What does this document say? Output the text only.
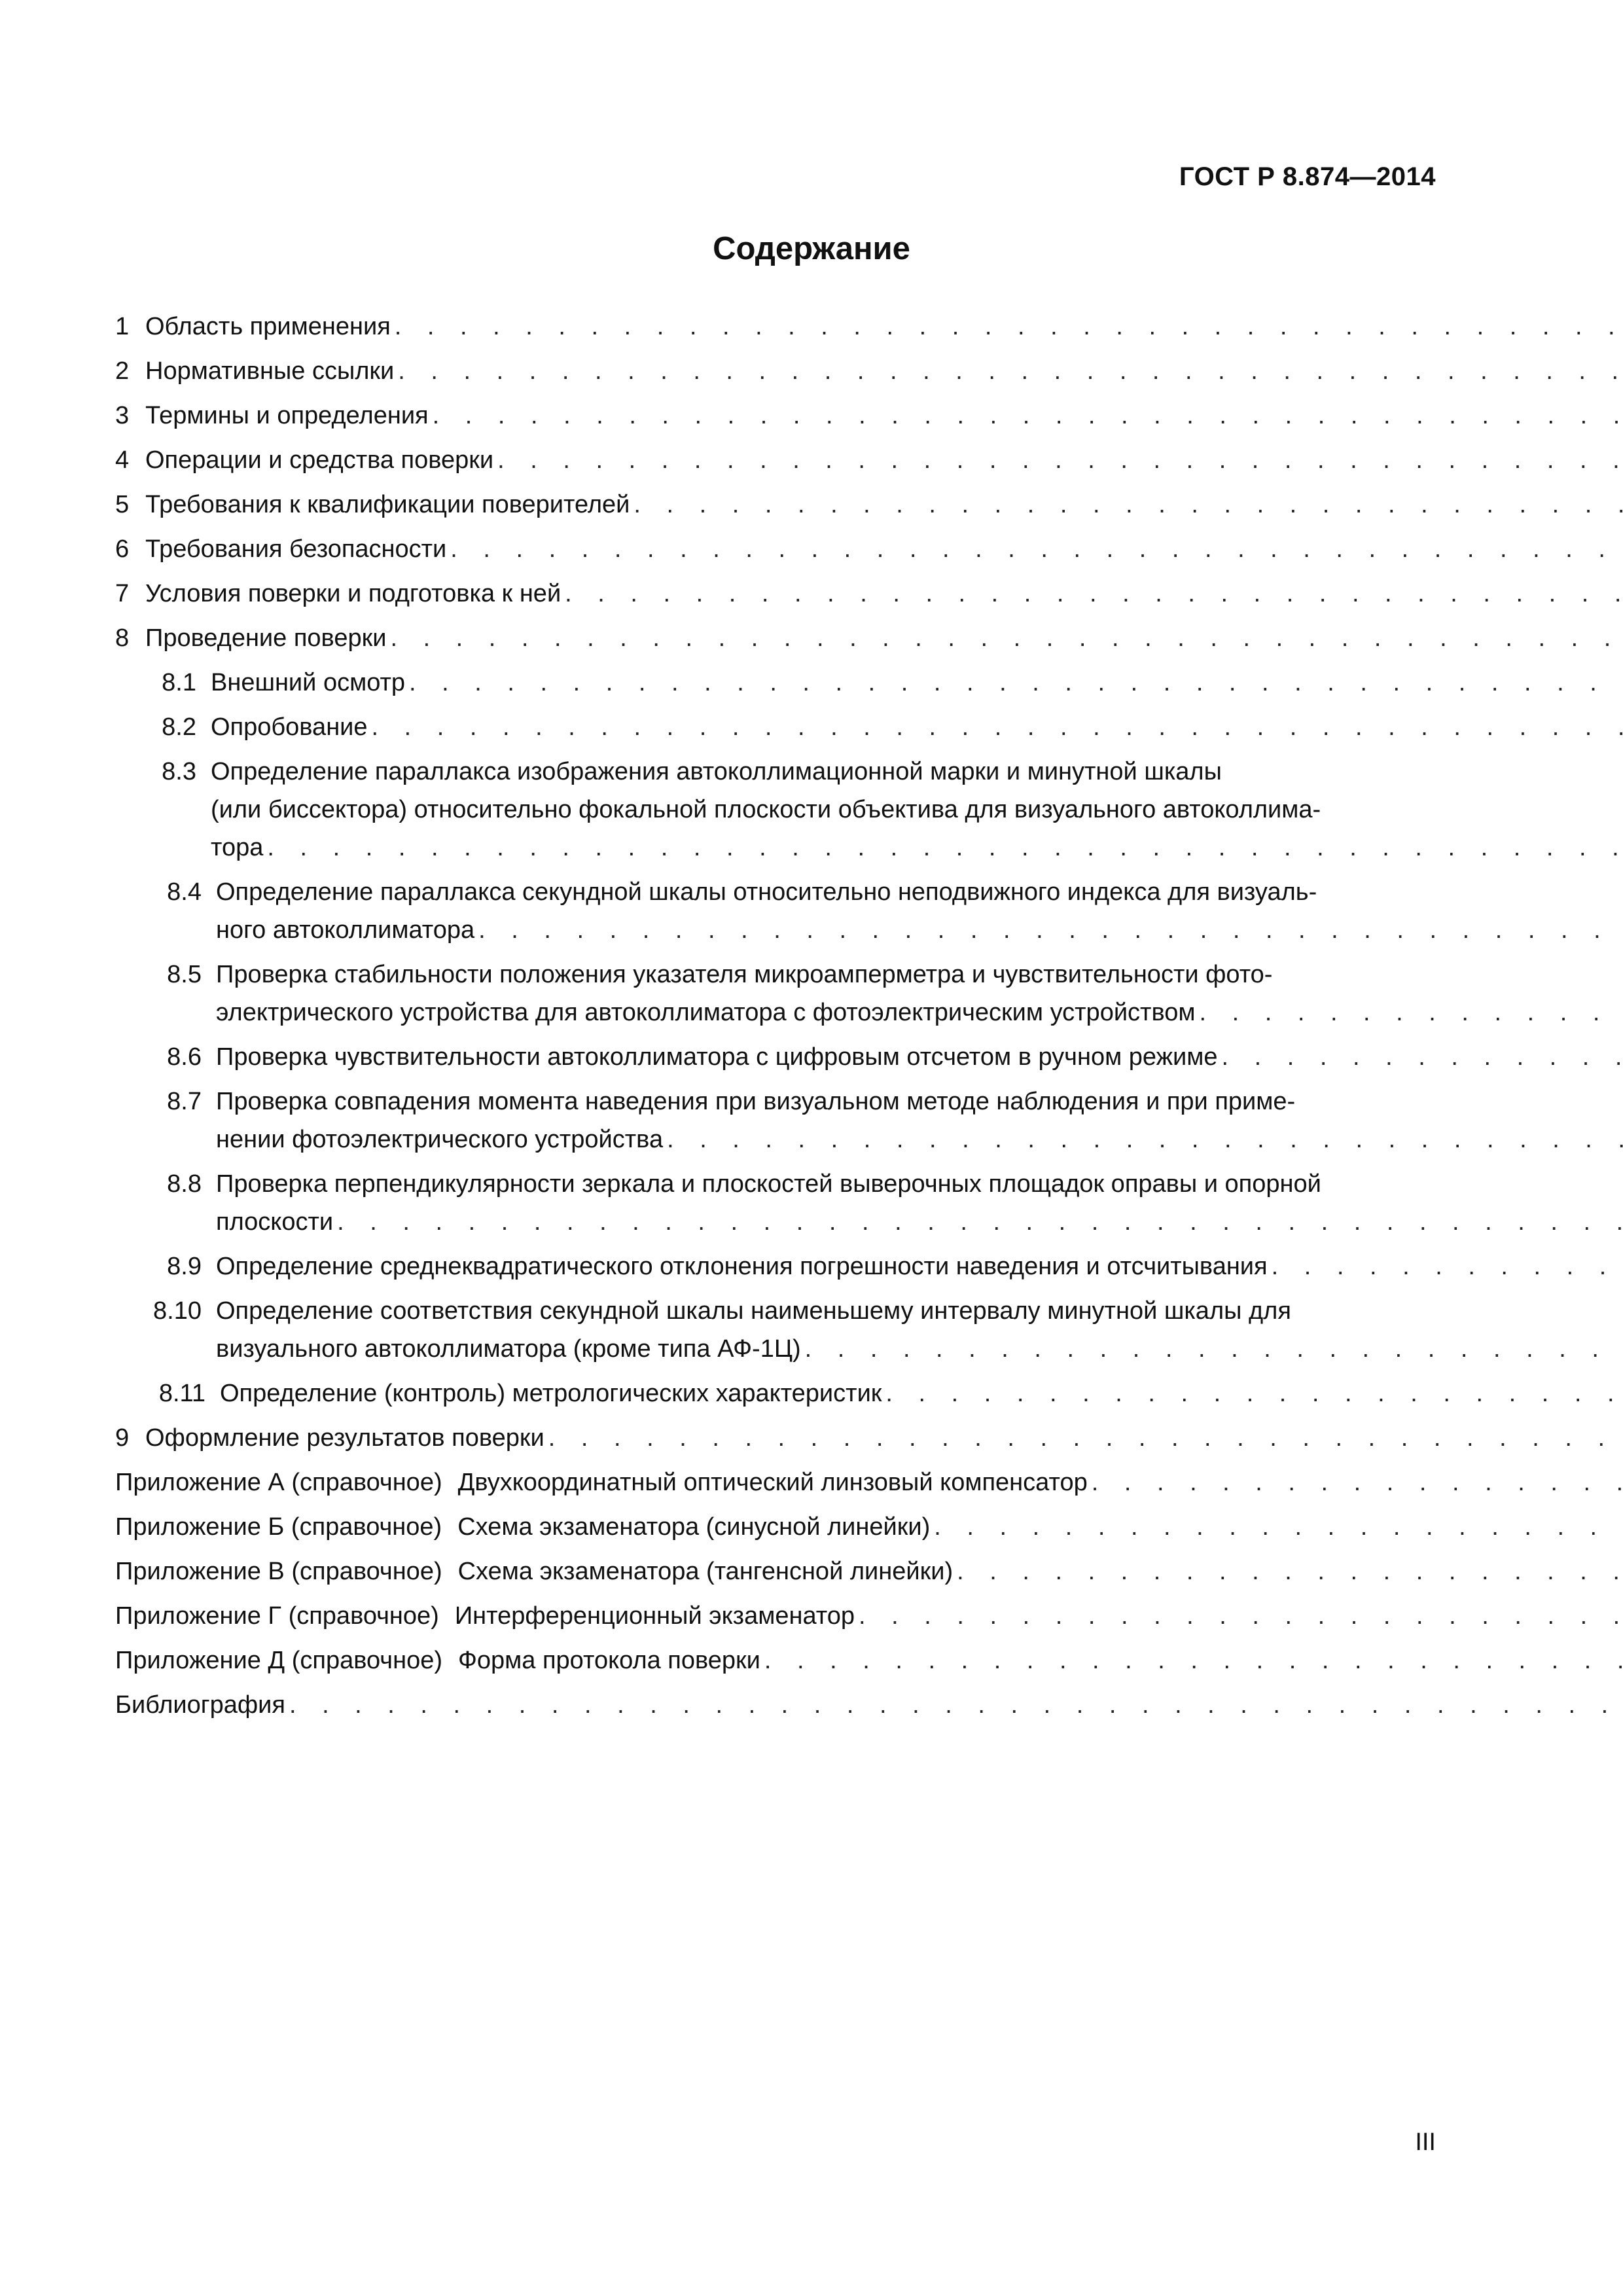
ГОСТ Р 8.874—2014
Содержание
1 Область применения
. . .
2 Нормативные ссылки
. . .
3 Термины и определения
. . .
4 Операции и средства поверки
. . .
5 Требования к квалификации поверителей
. . .
6 Требования безопасности
. . .
7 Условия поверки и подготовка к ней
. . .
8 Проведение поверки
. . .
8.1 Внешний осмотр
. . .
8.2 Опробование
. . .
8.3 Определение параллакса изображения автоколлимационной марки и минутной шкалы
(или биссектора) относительно фокальной плоскости объектива для визуального автоколлима-
тора
. . .
8.4 Определение параллакса секундной шкалы относительно неподвижного индекса для визуаль-
ного автоколлиматора
. . .
8.5 Проверка стабильности положения указателя микроамперметра и чувствительности фото-
электрического устройства для автоколлиматора с фотоэлектрическим устройством
. . .
8.6 Проверка чувствительности автоколлиматора с цифровым отсчетом в ручном режиме
. . .
8.7 Проверка совпадения момента наведения при визуальном методе наблюдения и при приме-
нении фотоэлектрического устройства
. . .
8.8 Проверка перпендикулярности зеркала и плоскостей выверочных площадок оправы и опорной
плоскости
. . .
8.9 Определение среднеквадратического отклонения погрешности наведения и отсчитывания
. . .
8.10 Определение соответствия секундной шкалы наименьшему интервалу минутной шкалы для
визуального автоколлиматора (кроме типа АФ-1Ц)
. . .
8.11 Определение (контроль) метрологических характеристик
. . .
9 Оформление результатов поверки
. . .
Приложение А (справочное) Двухкоординатный оптический линзовый компенсатор
. . .
Приложение Б (справочное) Схема экзаменатора (синусной линейки)
. . .
Приложение В (справочное) Схема экзаменатора (тангенсной линейки)
. . .
Приложение Г (справочное) Интерференционный экзаменатор
. . .
Приложение Д (справочное) Форма протокола поверки
. . .
Библиография
. . .
III
